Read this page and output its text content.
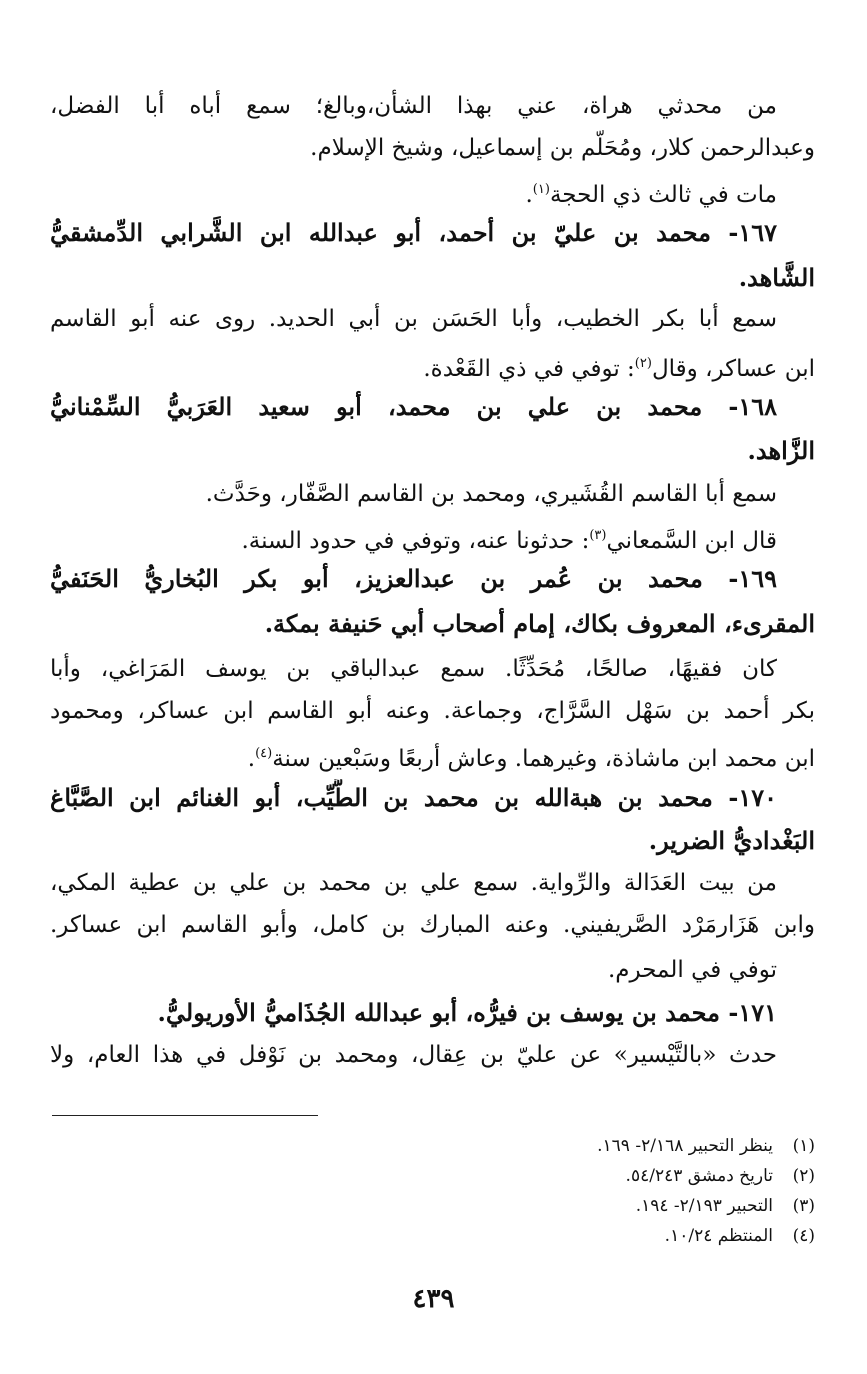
من محدثي هراة، عني بهذا الشأن،وبالغ؛ سمع أباه أبا الفضل،
وعبدالرحمن كلار، ومُحَلّم بن إسماعيل، وشيخ الإسلام.
مات في ثالث ذي الحجة$^{(١)}$.
١٦٧- محمد بن عليّ بن أحمد، أبو عبدالله ابن الشَّرابي الدِّمشقيُّ
الشَّاهد.
سمع أبا بكر الخطيب، وأبا الحَسَن بن أبي الحديد. روى عنه أبو القاسم
ابن عساكر، وقال$^{(٢)}$: توفي في ذي القَعْدة.
١٦٨- محمد بن علي بن محمد، أبو سعيد العَرَبيُّ السِّمْنانيُّ
الزَّاهد.
سمع أبا القاسم القُشَيري، ومحمد بن القاسم الصَّفّار، وحَدَّث.
قال ابن السَّمعاني$^{(٣)}$: حدثونا عنه، وتوفي في حدود السنة.
١٦٩- محمد بن عُمر بن عبدالعزيز، أبو بكر البُخاريُّ الحَنَفيُّ
المقرىء، المعروف بكاك، إمام أصحاب أبي حَنيفة بمكة.
كان فقيهًا، صالحًا، مُحَدِّثًا. سمع عبدالباقي بن يوسف المَرَاغي، وأبا
بكر أحمد بن سَهْل السَّرَّاج، وجماعة. وعنه أبو القاسم ابن عساكر، ومحمود
ابن محمد ابن ماشاذة، وغيرهما. وعاش أربعًا وسَبْعين سنة$^{(٤)}$.
١٧٠- محمد بن هبةالله بن محمد بن الطَّيِّب، أبو الغنائم ابن الصَّبَّاغ
البَغْداديُّ الضرير.
من بيت العَدَالة والرِّواية. سمع علي بن محمد بن علي بن عطية المكي،
وابن هَزَارمَرْد الصَّريفيني. وعنه المبارك بن كامل، وأبو القاسم ابن عساكر.
توفي في المحرم.
١٧١- محمد بن يوسف بن فيرُّه، أبو عبدالله الجُذَاميُّ الأوريوليُّ.
حدث «بالتَّيْسير» عن عليّ بن عِقال، ومحمد بن نَوْفل في هذا العام، ولا
(١)ينظر التحبير ٢/١٦٨- ١٦٩.
(٢)تاريخ دمشق ٥٤/٢٤٣.
(٣)التحبير ٢/١٩٣- ١٩٤.
(٤)المنتظم ١٠/٢٤.
٤٣٩
